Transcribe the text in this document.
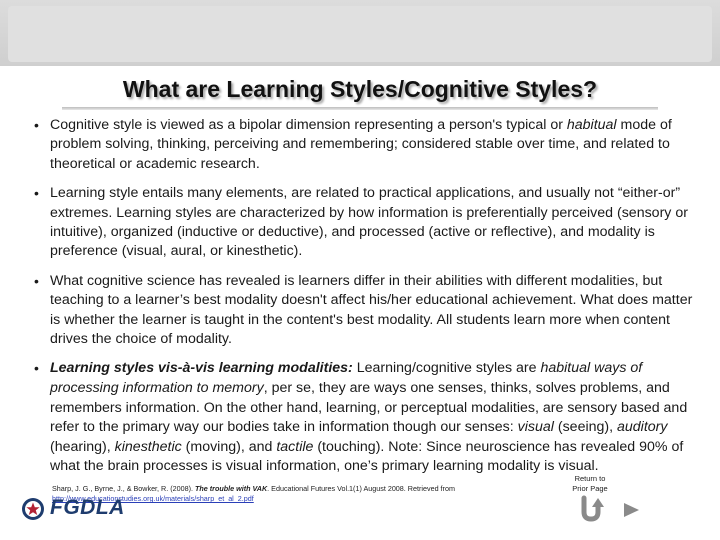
What are Learning Styles/Cognitive Styles?
• Cognitive style is viewed as a bipolar dimension representing a person's typical or habitual mode of problem solving, thinking, perceiving and remembering; considered stable over time, and related to theoretical or academic research.
• Learning style entails many elements, are related to practical applications, and usually not “either-or” extremes. Learning styles are characterized by how information is preferentially perceived (sensory or intuitive), organized (inductive or deductive), and processed (active or reflective), and modality is preference (visual, aural, or kinesthetic).
• What cognitive science has revealed is learners differ in their abilities with different modalities, but teaching to a learner’s best modality doesn't affect his/her educational achievement. What does matter is whether the learner is taught in the content's best modality. All students learn more when content drives the choice of modality.
• Learning styles vis-à-vis learning modalities: Learning/cognitive styles are habitual ways of processing information to memory, per se, they are ways one senses, thinks, solves problems, and remembers information. On the other hand, learning, or perceptual modalities, are sensory based and refer to the primary way our bodies take in information though our senses: visual (seeing), auditory (hearing), kinesthetic (moving), and tactile (touching). Note: Since neuroscience has revealed 90% of what the brain processes is visual information, one’s primary learning modality is visual.
Sharp, J. G., Byrne, J., & Bowker, R. (2008). The trouble with VAK. Educational Futures Vol.1(1) August 2008. Retrieved from
http://www.educationstudies.org.uk/materials/sharp_et_al_2.pdf
FGDLA
Return to Prior Page
